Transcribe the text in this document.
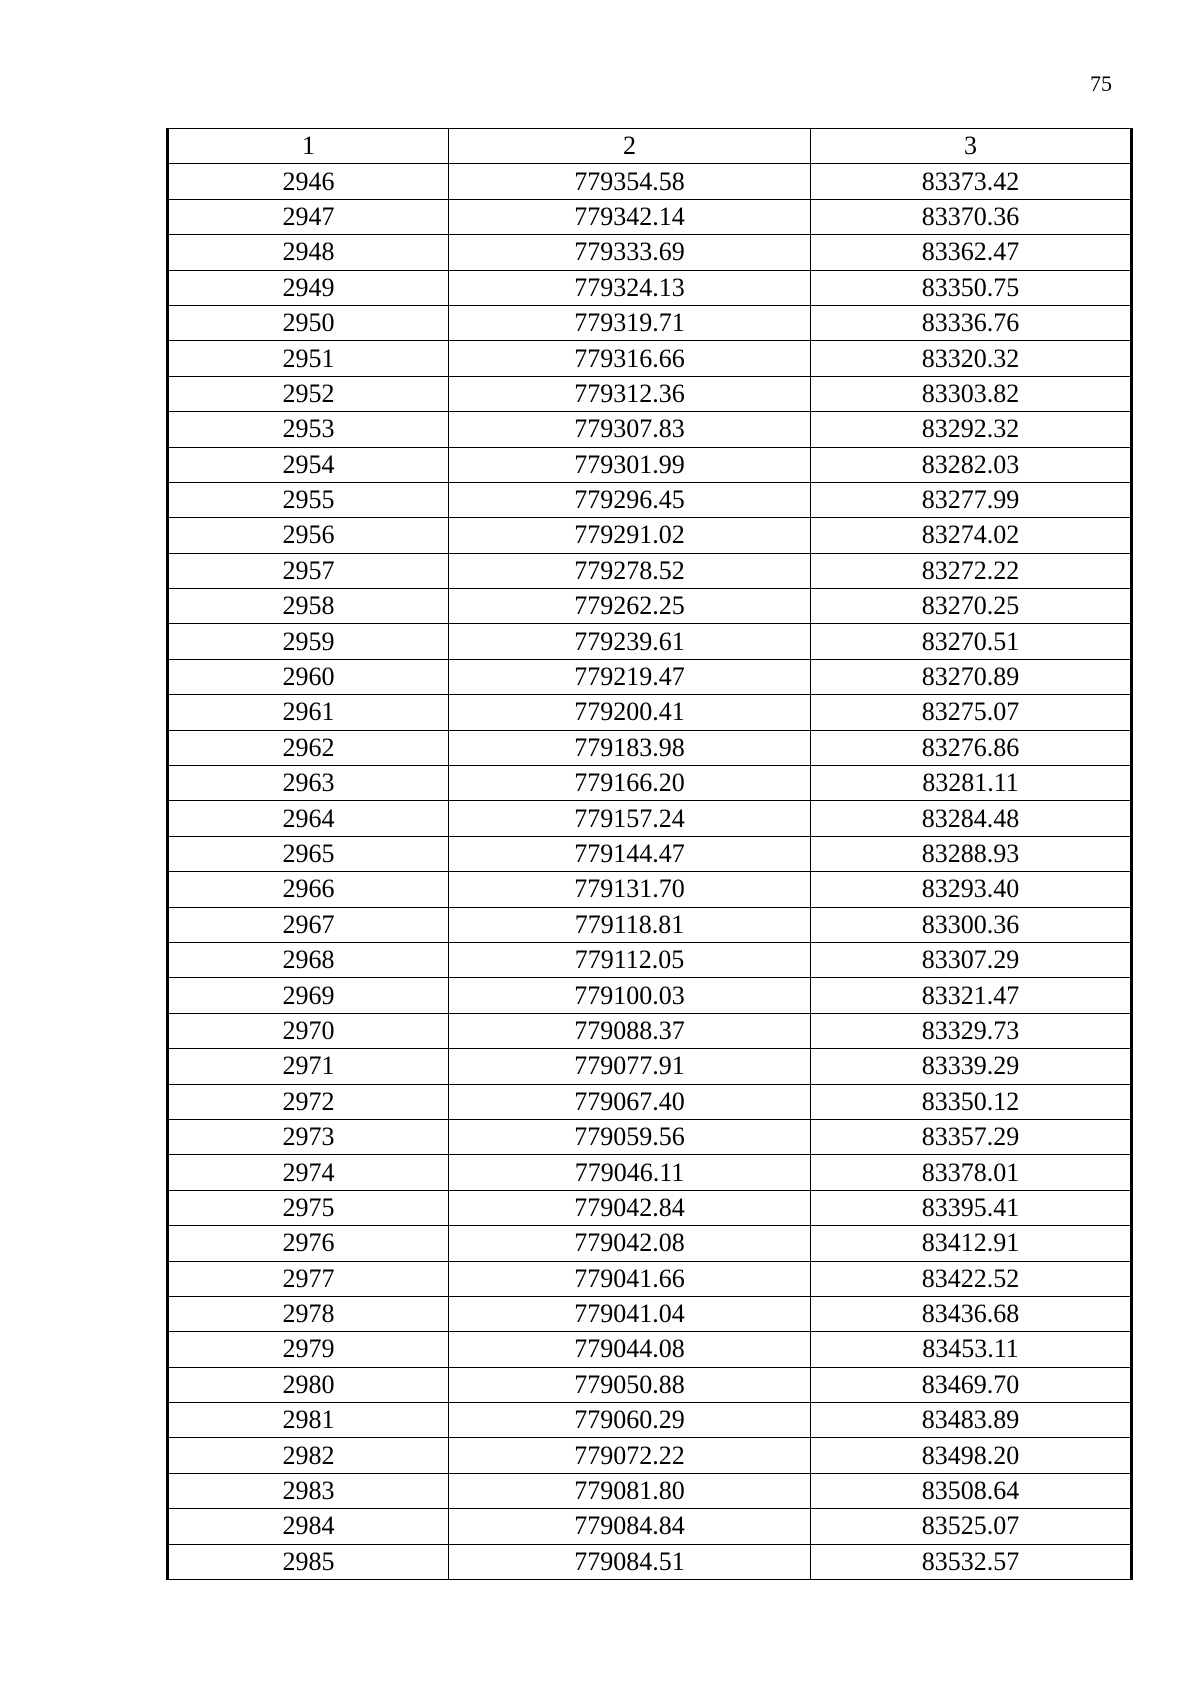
75
1	2	3
2946	779354.58	83373.42
2947	779342.14	83370.36
2948	779333.69	83362.47
2949	779324.13	83350.75
2950	779319.71	83336.76
2951	779316.66	83320.32
2952	779312.36	83303.82
2953	779307.83	83292.32
2954	779301.99	83282.03
2955	779296.45	83277.99
2956	779291.02	83274.02
2957	779278.52	83272.22
2958	779262.25	83270.25
2959	779239.61	83270.51
2960	779219.47	83270.89
2961	779200.41	83275.07
2962	779183.98	83276.86
2963	779166.20	83281.11
2964	779157.24	83284.48
2965	779144.47	83288.93
2966	779131.70	83293.40
2967	779118.81	83300.36
2968	779112.05	83307.29
2969	779100.03	83321.47
2970	779088.37	83329.73
2971	779077.91	83339.29
2972	779067.40	83350.12
2973	779059.56	83357.29
2974	779046.11	83378.01
2975	779042.84	83395.41
2976	779042.08	83412.91
2977	779041.66	83422.52
2978	779041.04	83436.68
2979	779044.08	83453.11
2980	779050.88	83469.70
2981	779060.29	83483.89
2982	779072.22	83498.20
2983	779081.80	83508.64
2984	779084.84	83525.07
2985	779084.51	83532.57
